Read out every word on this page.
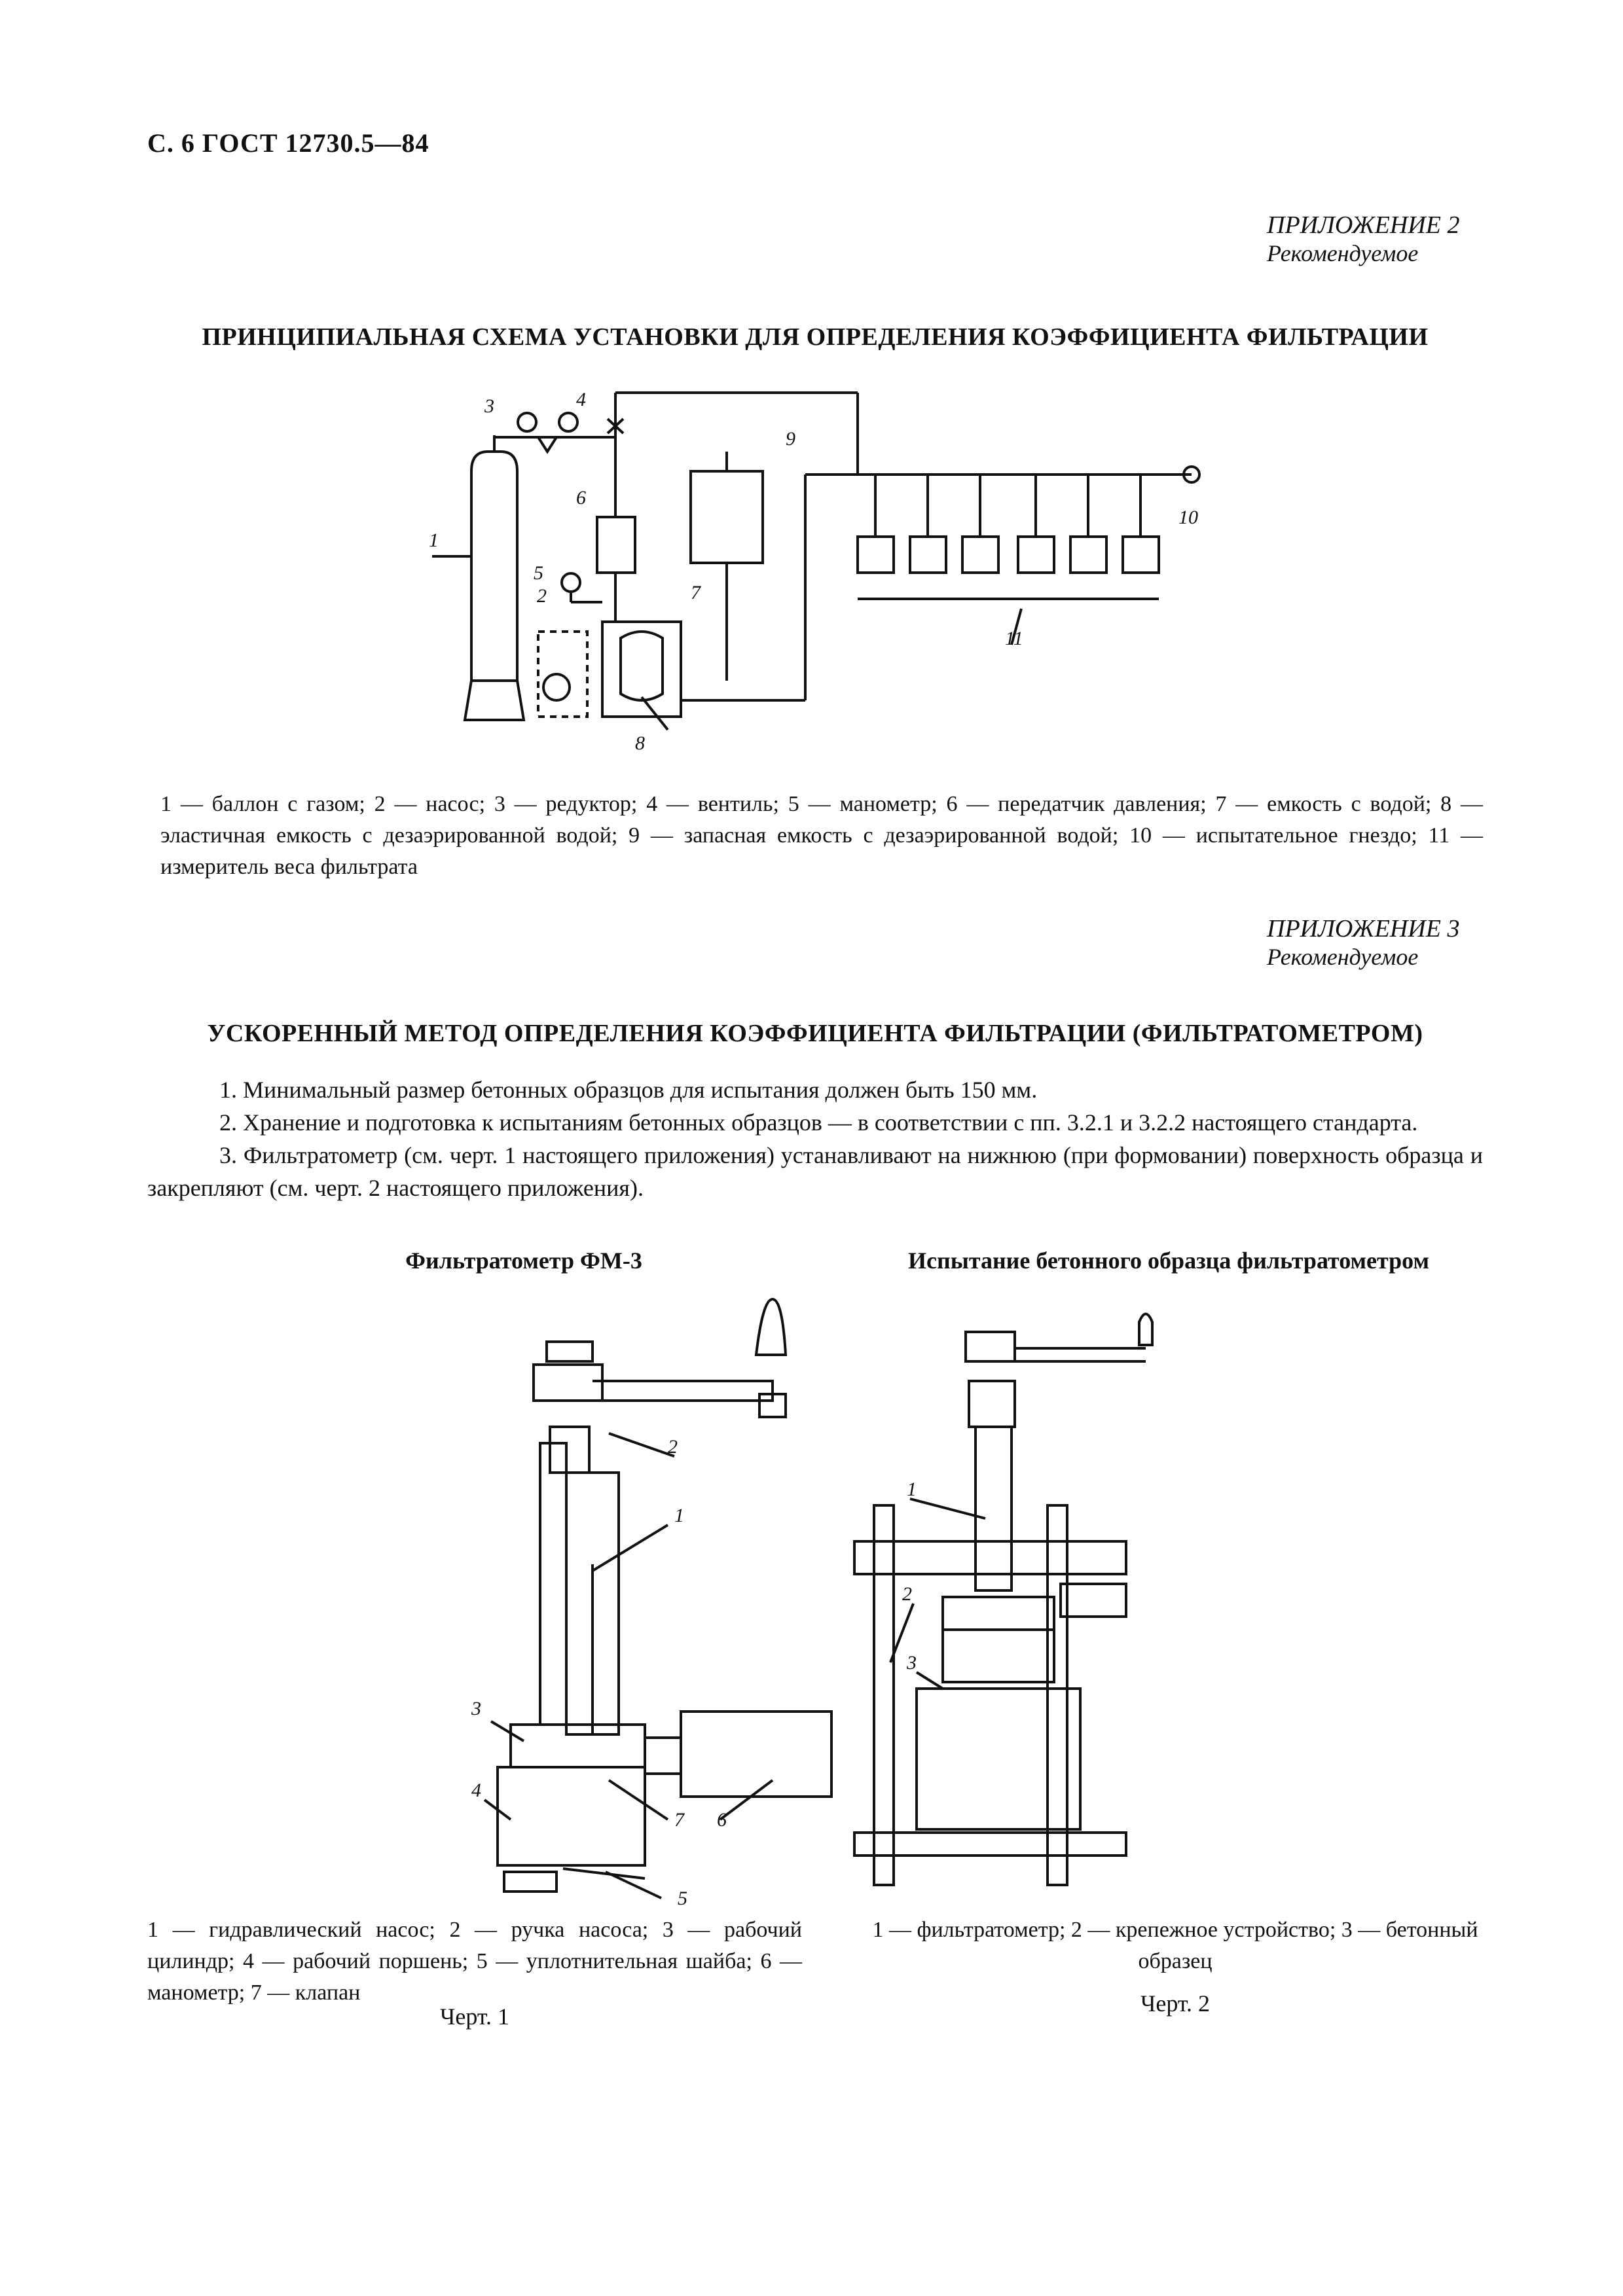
С. 6 ГОСТ 12730.5—84
ПРИЛОЖЕНИЕ 2
Рекомендуемое
ПРИНЦИПИАЛЬНАЯ СХЕМА УСТАНОВКИ ДЛЯ ОПРЕДЕЛЕНИЯ КОЭФФИЦИЕНТА ФИЛЬТРАЦИИ
3
2
1
4
5
6
7
8
9
10
11
1 — баллон с газом; 2 — насос; 3 — редуктор; 4 — вентиль; 5 — манометр; 6 — передатчик давления; 7 — емкость с водой; 8 — эластичная емкость с дезаэрированной водой; 9 — запасная емкость с дезаэрированной водой; 10 — испытательное гнездо; 11 — измеритель веса фильтрата
ПРИЛОЖЕНИЕ 3
Рекомендуемое
УСКОРЕННЫЙ МЕТОД ОПРЕДЕЛЕНИЯ КОЭФФИЦИЕНТА ФИЛЬТРАЦИИ (ФИЛЬТРАТОМЕТРОМ)

1. Минимальный размер бетонных образцов для испытания должен быть 150 мм.

2. Хранение и подготовка к испытаниям бетонных образцов — в соответствии с пп. 3.2.1 и 3.2.2 настоящего стандарта.

3. Фильтратометр (см. черт. 1 настоящего приложения) устанавливают на нижнюю (при формовании) поверхность образца и закрепляют (см. черт. 2 настоящего приложения).

Фильтратометр ФМ-3	Испытание бетонного образца фильтратометром
2
1
3
4
7 6
5
1
2
3
1 — гидравлический насос; 2 — ручка насоса; 3 — рабочий цилиндр; 4 — рабочий поршень; 5 — уплотнительная шайба; 6 — манометр; 7 — клапан
Черт. 1
1 — фильтратометр; 2 — крепежное устройство; 3 — бетонный образец
Черт. 2
